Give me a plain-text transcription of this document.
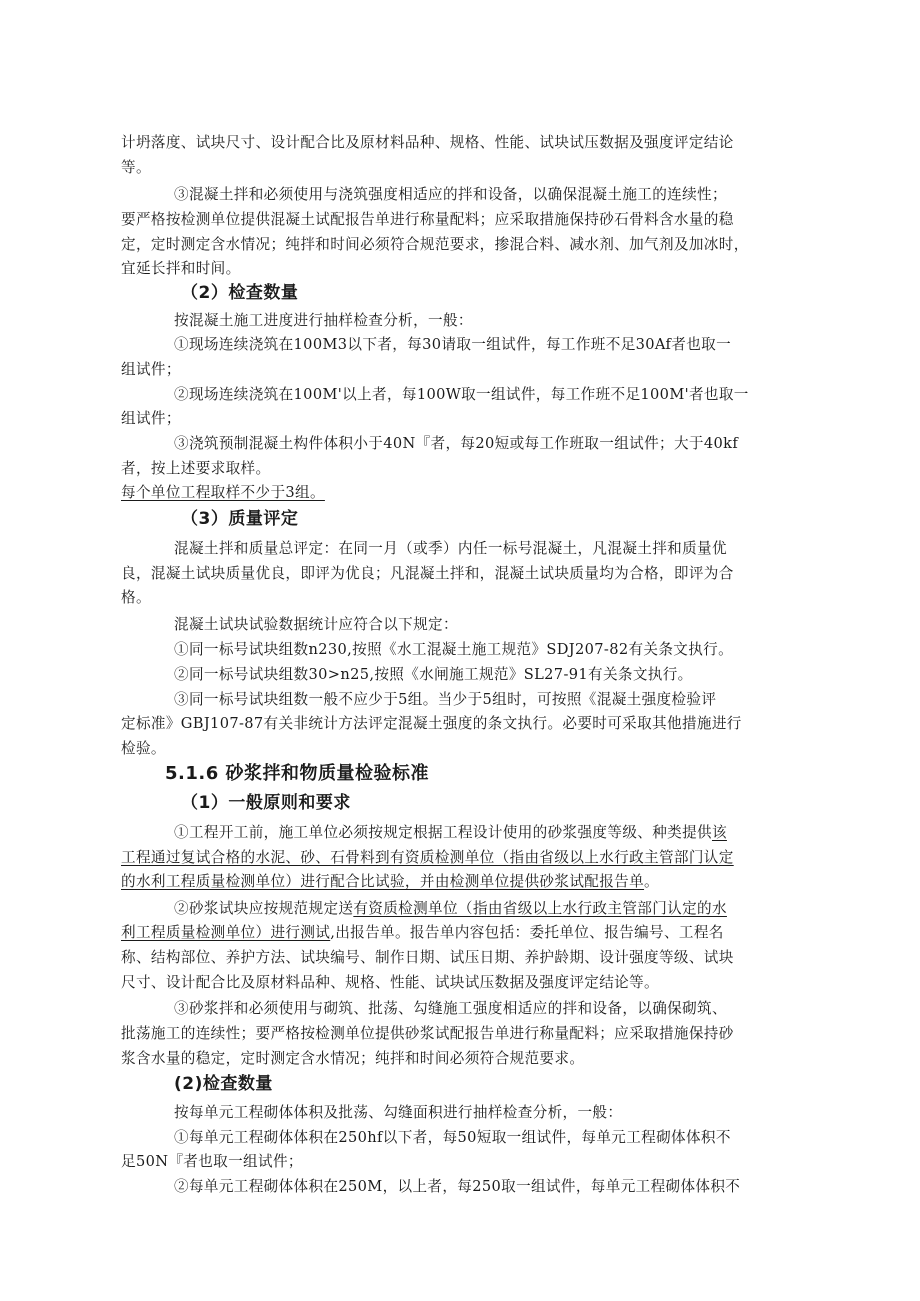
计坍落度、试块尺寸、设计配合比及原材料品种、规格、性能、试块试压数据及强度评定结论
等。
③混凝土拌和必须使用与浇筑强度相适应的拌和设备，以确保混凝土施工的连续性；
要严格按检测单位提供混凝土试配报告单进行称量配料；应采取措施保持砂石骨料含水量的稳
定，定时测定含水情况；纯拌和时间必须符合规范要求，掺混合料、减水剂、加气剂及加冰时，
宜延长拌和时间。
（2）检查数量
按混凝土施工进度进行抽样检查分析，一般：
①现场连续浇筑在100M3以下者，每30请取一组试件，每工作班不足30Af者也取一
组试件；
②现场连续浇筑在100M'以上者，每100W取一组试件，每工作班不足100M'者也取一
组试件；
③浇筑预制混凝土构件体积小于40N『者，每20短或每工作班取一组试件；大于40kf
者，按上述要求取样。
每个单位工程取样不少于3组。
（3）质量评定
混凝土拌和质量总评定：在同一月（或季）内任一标号混凝土，凡混凝土拌和质量优
良，混凝土试块质量优良，即评为优良；凡混凝土拌和，混凝土试块质量均为合格，即评为合
格。
混凝土试块试验数据统计应符合以下规定：
①同一标号试块组数n230,按照《水工混凝土施工规范》SDJ207-82有关条文执行。
②同一标号试块组数30>n25,按照《水闸施工规范》SL27-91有关条文执行。
③同一标号试块组数一般不应少于5组。当少于5组时，可按照《混凝土强度检验评
定标准》GBJ107-87有关非统计方法评定混凝土强度的条文执行。必要时可采取其他措施进行
检验。
5.1.6 砂浆拌和物质量检验标准
（1）一般原则和要求
①工程开工前，施工单位必须按规定根据工程设计使用的砂浆强度等级、种类提供该
工程通过复试合格的水泥、砂、石骨料到有资质检测单位（指由省级以上水行政主管部门认定
的水利工程质量检测单位）进行配合比试验，并由检测单位提供砂浆试配报告单。
②砂浆试块应按规范规定送有资质检测单位（指由省级以上水行政主管部门认定的水
利工程质量检测单位）进行测试,出报告单。报告单内容包括：委托单位、报告编号、工程名
称、结构部位、养护方法、试块编号、制作日期、试压日期、养护龄期、设计强度等级、试块
尺寸、设计配合比及原材料品种、规格、性能、试块试压数据及强度评定结论等。
③砂浆拌和必须使用与砌筑、批荡、勾缝施工强度相适应的拌和设备，以确保砌筑、
批荡施工的连续性；要严格按检测单位提供砂浆试配报告单进行称量配料；应采取措施保持砂
浆含水量的稳定，定时测定含水情况；纯拌和时间必须符合规范要求。
(2)检查数量
按每单元工程砌体体积及批荡、勾缝面积进行抽样检查分析，一般：
①每单元工程砌体体积在250hf以下者，每50短取一组试件，每单元工程砌体体积不
足50N『者也取一组试件；
②每单元工程砌体体积在250M，以上者，每250取一组试件，每单元工程砌体体积不
